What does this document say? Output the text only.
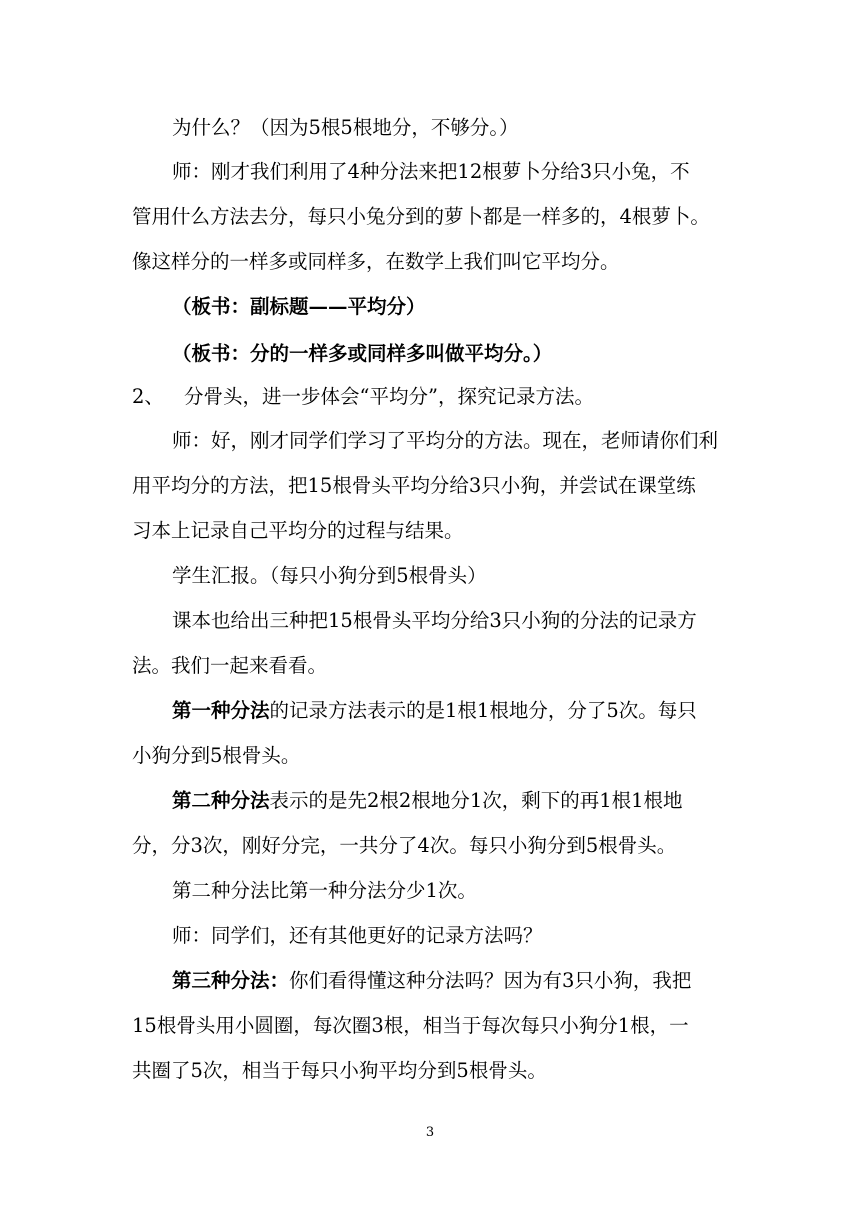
为什么？（因为5根5根地分，不够分。）
师：刚才我们利用了4种分法来把12根萝卜分给3只小兔，不
管用什么方法去分，每只小兔分到的萝卜都是一样多的，4根萝卜。
像这样分的一样多或同样多，在数学上我们叫它平均分。
（板书：副标题——平均分）
（板书：分的一样多或同样多叫做平均分。）
2、 分骨头，进一步体会“平均分”，探究记录方法。
师：好，刚才同学们学习了平均分的方法。现在，老师请你们利
用平均分的方法，把15根骨头平均分给3只小狗，并尝试在课堂练
习本上记录自己平均分的过程与结果。
学生汇报。（每只小狗分到5根骨头）
课本也给出三种把15根骨头平均分给3只小狗的分法的记录方
法。我们一起来看看。
第一种分法的记录方法表示的是1根1根地分，分了5次。每只
小狗分到5根骨头。
第二种分法表示的是先2根2根地分1次，剩下的再1根1根地
分，分3次，刚好分完，一共分了4次。每只小狗分到5根骨头。
第二种分法比第一种分法分少1次。
师：同学们，还有其他更好的记录方法吗？
第三种分法：你们看得懂这种分法吗？因为有3只小狗，我把
15根骨头用小圆圈，每次圈3根，相当于每次每只小狗分1根，一
共圈了5次，相当于每只小狗平均分到5根骨头。
3
